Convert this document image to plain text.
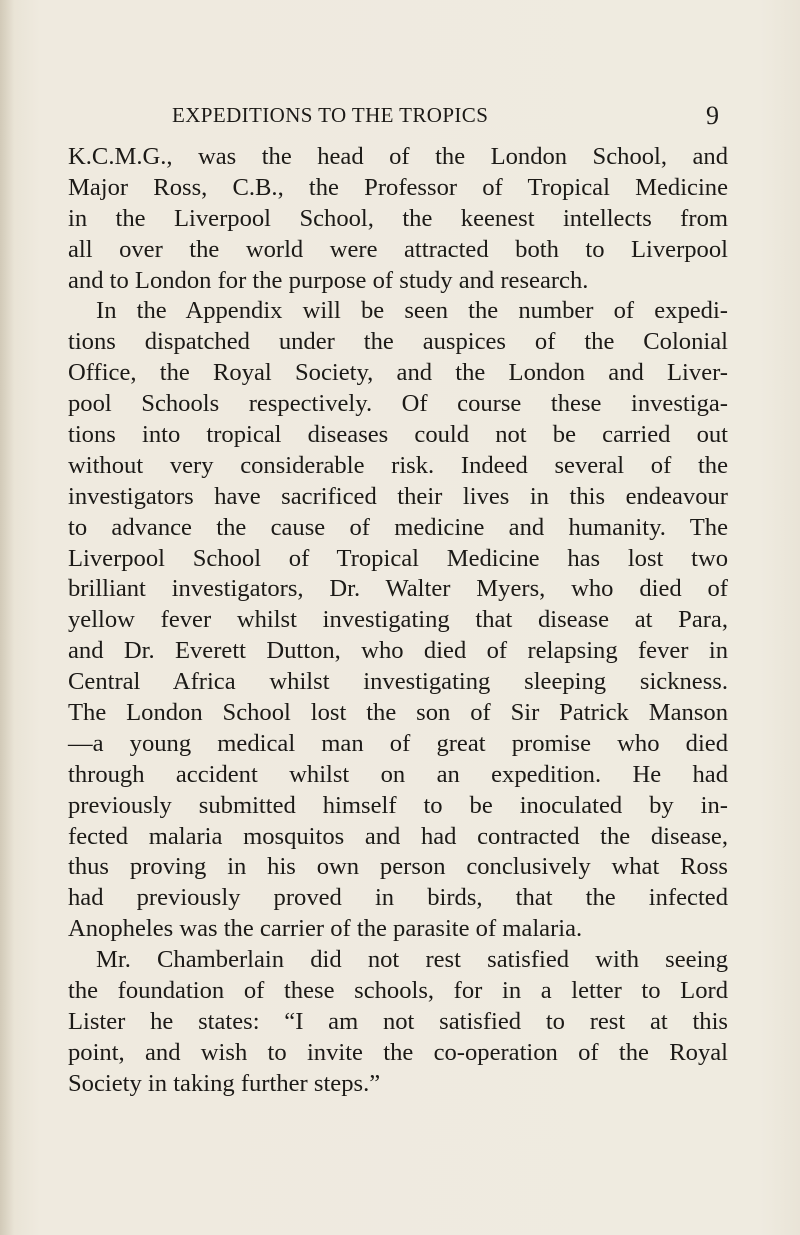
EXPEDITIONS TO THE TROPICS	9
K.C.M.G., was the head of the London School, and
Major Ross, C.B., the Professor of Tropical Medicine
in the Liverpool School, the keenest intellects from
all over the world were attracted both to Liverpool
and to London for the purpose of study and research.
In the Appendix will be seen the number of expedi-
tions dispatched under the auspices of the Colonial
Office, the Royal Society, and the London and Liver-
pool Schools respectively. Of course these investiga-
tions into tropical diseases could not be carried out
without very considerable risk. Indeed several of the
investigators have sacrificed their lives in this endeavour
to advance the cause of medicine and humanity. The
Liverpool School of Tropical Medicine has lost two
brilliant investigators, Dr. Walter Myers, who died of
yellow fever whilst investigating that disease at Para,
and Dr. Everett Dutton, who died of relapsing fever in
Central Africa whilst investigating sleeping sickness.
The London School lost the son of Sir Patrick Manson
—a young medical man of great promise who died
through accident whilst on an expedition. He had
previously submitted himself to be inoculated by in-
fected malaria mosquitos and had contracted the disease,
thus proving in his own person conclusively what Ross
had previously proved in birds, that the infected
Anopheles was the carrier of the parasite of malaria.
Mr. Chamberlain did not rest satisfied with seeing
the foundation of these schools, for in a letter to Lord
Lister he states: “I am not satisfied to rest at this
point, and wish to invite the co-operation of the Royal
Society in taking further steps.”
